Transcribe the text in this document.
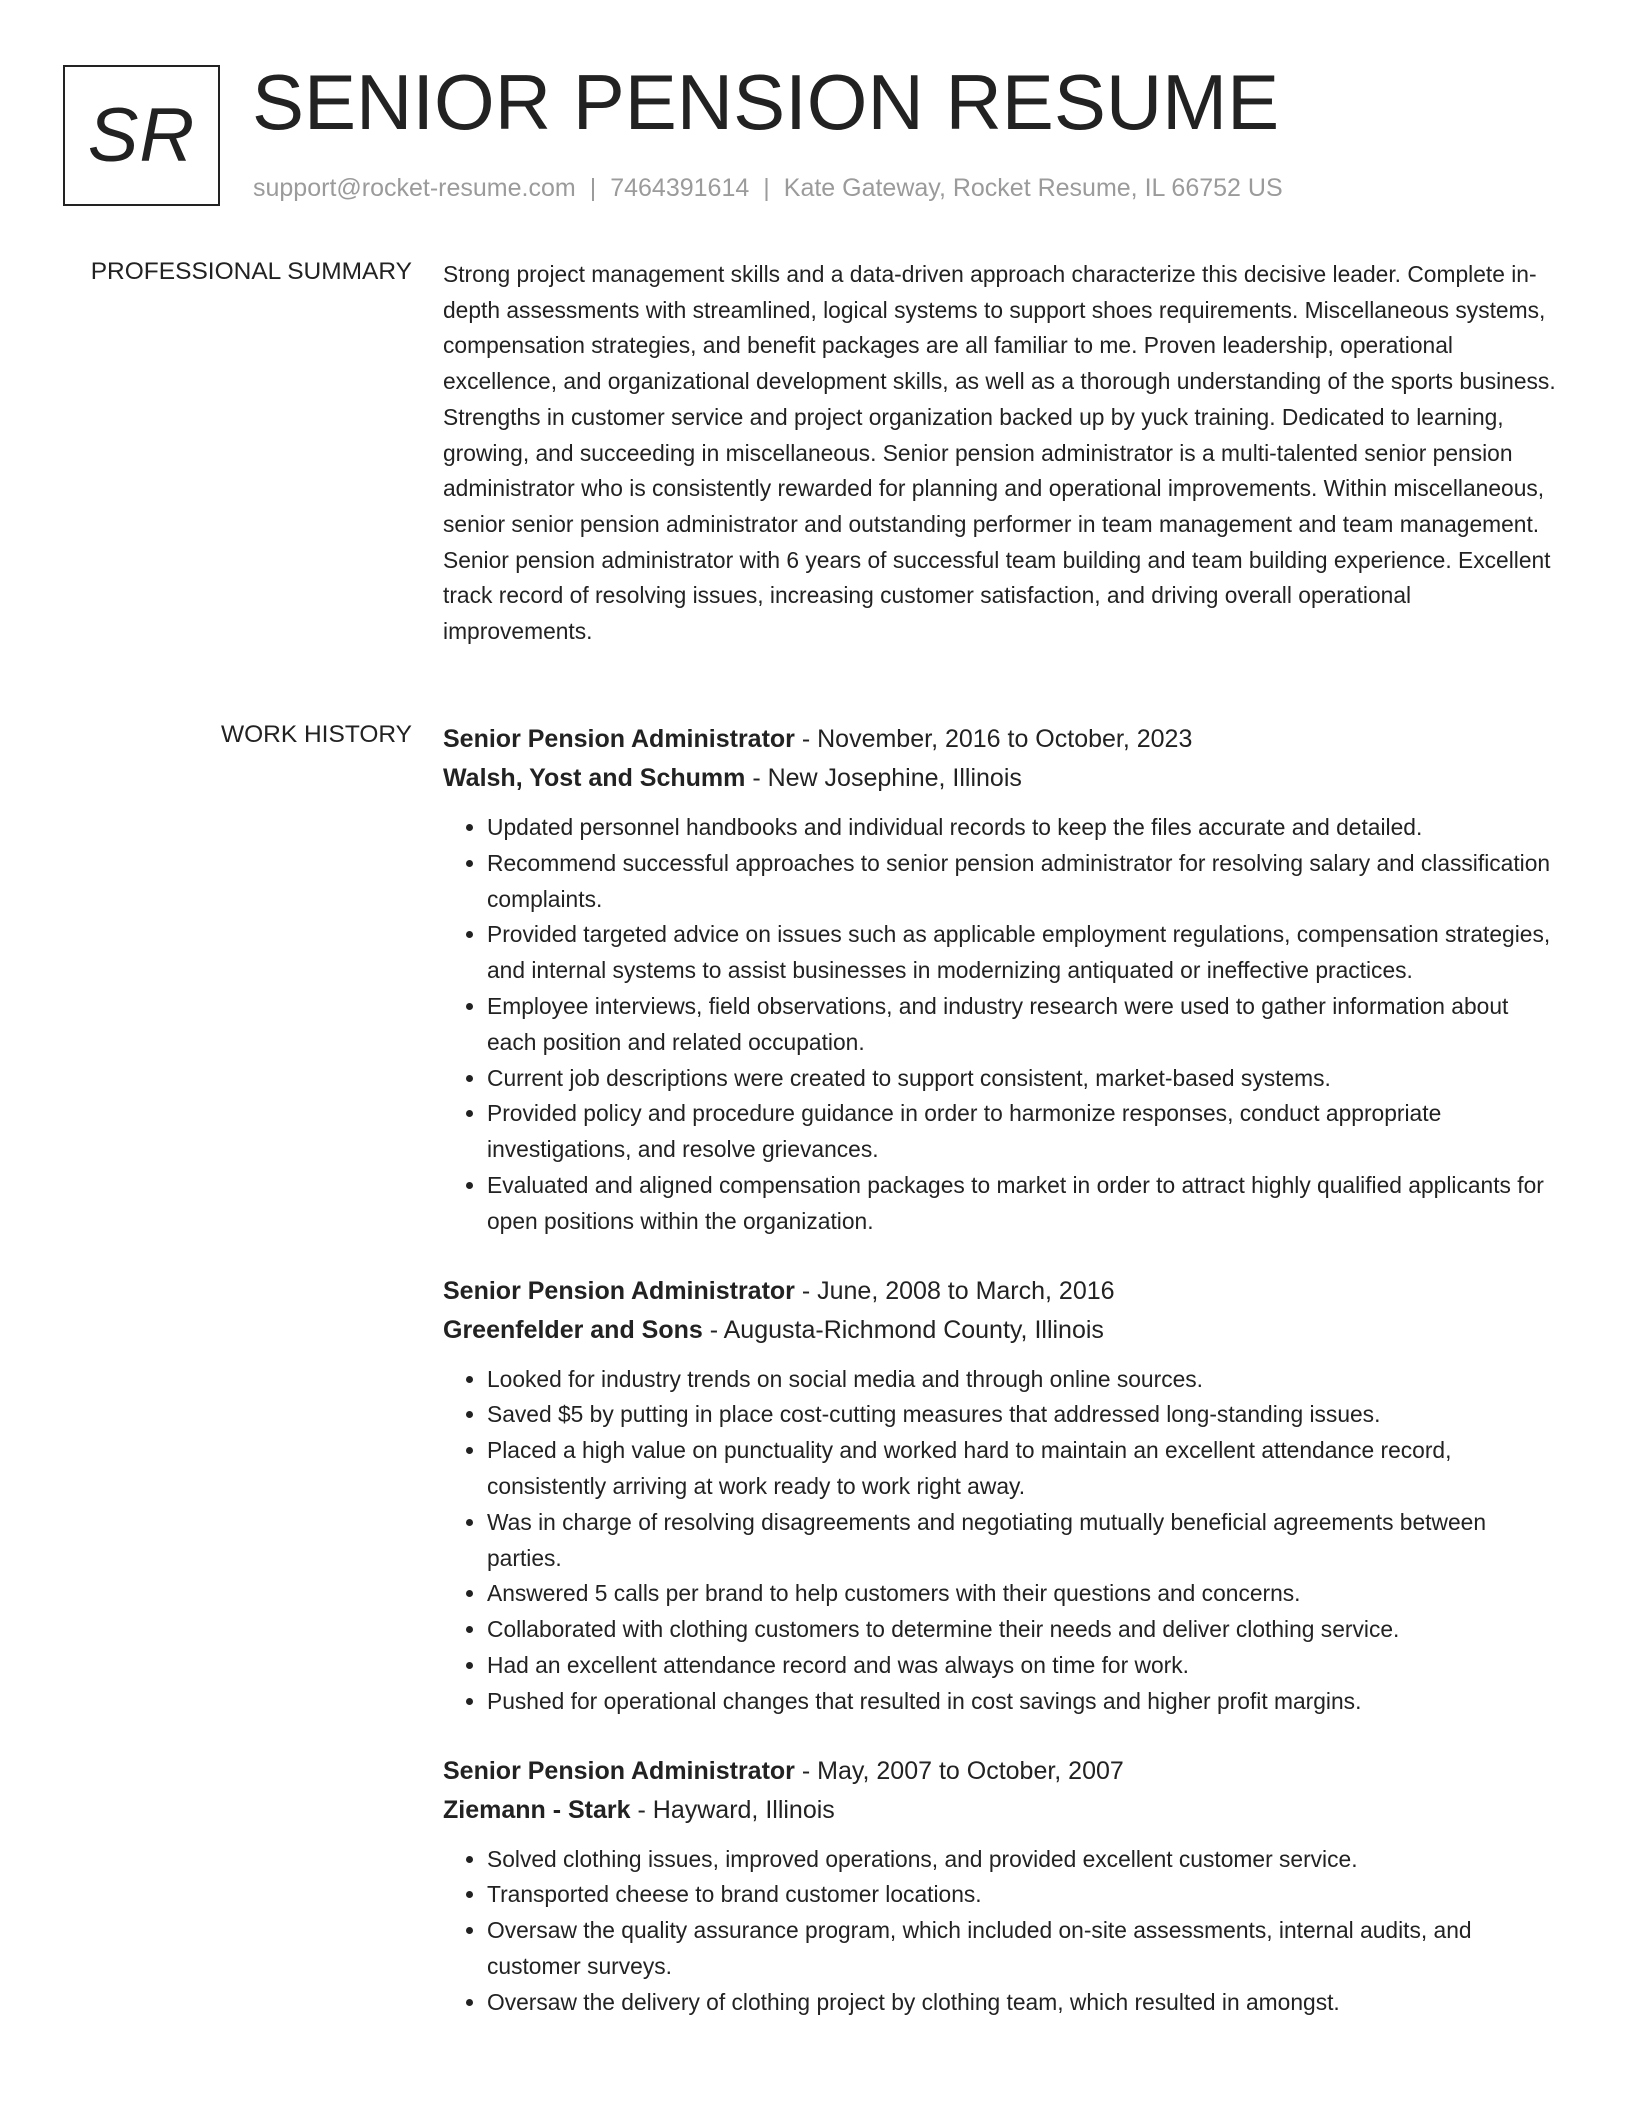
SR SENIOR PENSION RESUME
support@rocket-resume.com | 7464391614 | Kate Gateway, Rocket Resume, IL 66752 US
PROFESSIONAL SUMMARY Strong project management skills and a data-driven approach characterize this decisive leader. Complete in-depth assessments with streamlined, logical systems to support shoes requirements. Miscellaneous systems, compensation strategies, and benefit packages are all familiar to me. Proven leadership, operational excellence, and organizational development skills, as well as a thorough understanding of the sports business. Strengths in customer service and project organization backed up by yuck training. Dedicated to learning, growing, and succeeding in miscellaneous. Senior pension administrator is a multi-talented senior pension administrator who is consistently rewarded for planning and operational improvements. Within miscellaneous, senior senior pension administrator and outstanding performer in team management and team management. Senior pension administrator with 6 years of successful team building and team building experience. Excellent track record of resolving issues, increasing customer satisfaction, and driving overall operational improvements.

WORK HISTORY Senior Pension Administrator - November, 2016 to October, 2023
Walsh, Yost and Schumm - New Josephine, Illinois
• Updated personnel handbooks and individual records to keep the files accurate and detailed.
• Recommend successful approaches to senior pension administrator for resolving salary and classification complaints.
• Provided targeted advice on issues such as applicable employment regulations, compensation strategies, and internal systems to assist businesses in modernizing antiquated or ineffective practices.
• Employee interviews, field observations, and industry research were used to gather information about each position and related occupation.
• Current job descriptions were created to support consistent, market-based systems.
• Provided policy and procedure guidance in order to harmonize responses, conduct appropriate investigations, and resolve grievances.
• Evaluated and aligned compensation packages to market in order to attract highly qualified applicants for open positions within the organization.
Senior Pension Administrator - June, 2008 to March, 2016
Greenfelder and Sons - Augusta-Richmond County, Illinois
• Looked for industry trends on social media and through online sources.
• Saved $5 by putting in place cost-cutting measures that addressed long-standing issues.
• Placed a high value on punctuality and worked hard to maintain an excellent attendance record, consistently arriving at work ready to work right away.
• Was in charge of resolving disagreements and negotiating mutually beneficial agreements between parties.
• Answered 5 calls per brand to help customers with their questions and concerns.
• Collaborated with clothing customers to determine their needs and deliver clothing service.
• Had an excellent attendance record and was always on time for work.
• Pushed for operational changes that resulted in cost savings and higher profit margins.
Senior Pension Administrator - May, 2007 to October, 2007
Ziemann - Stark - Hayward, Illinois
• Solved clothing issues, improved operations, and provided excellent customer service.
• Transported cheese to brand customer locations.
• Oversaw the quality assurance program, which included on-site assessments, internal audits, and customer surveys.
• Oversaw the delivery of clothing project by clothing team, which resulted in amongst.
